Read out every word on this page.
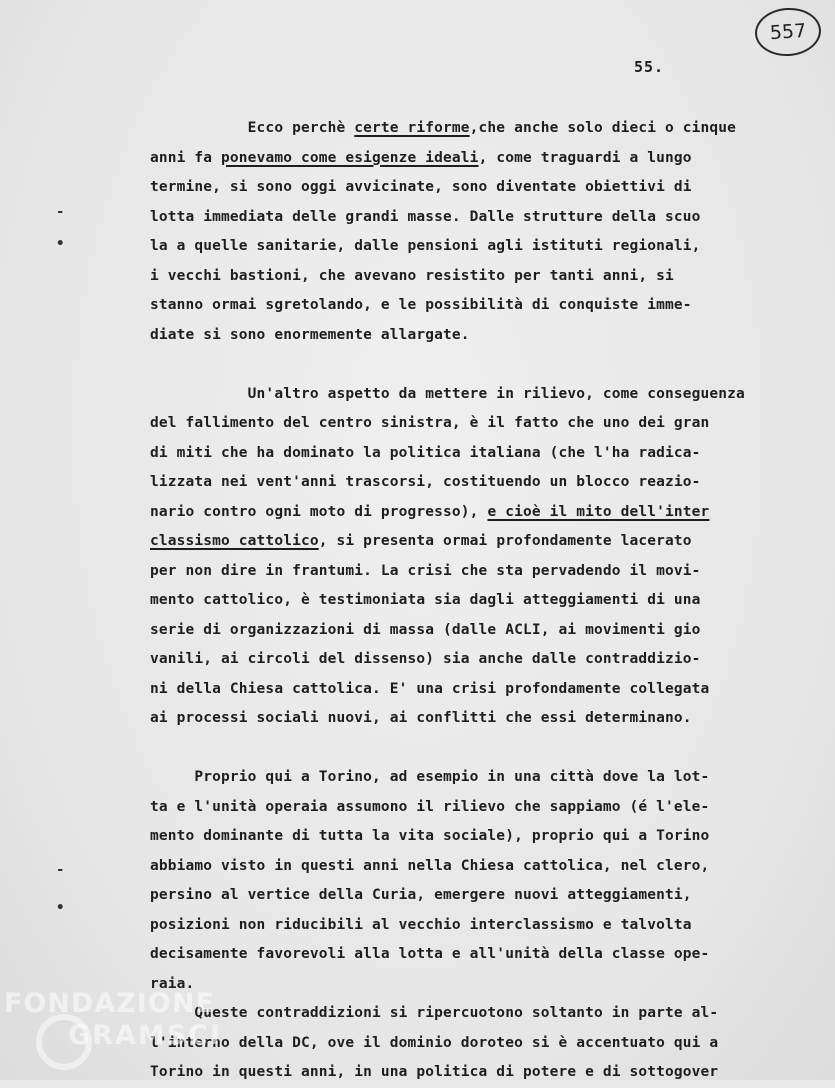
557
55.
-
•
-
•
Ecco perchè certe riforme,che anche solo dieci o cinque
anni fa ponevamo come esigenze ideali, come traguardi a lungo
termine, si sono oggi avvicinate, sono diventate obiettivi di
lotta immediata delle grandi masse. Dalle strutture della scuo
la a quelle sanitarie, dalle pensioni agli istituti regionali,
i vecchi bastioni, che avevano resistito per tanti anni, si
stanno ormai sgretolando, e le possibilità di conquiste imme-
diate si sono enormemente allargate.
Un'altro aspetto da mettere in rilievo, come conseguenza
del fallimento del centro sinistra, è il fatto che uno dei gran
di miti che ha dominato la politica italiana (che l'ha radica-
lizzata nei vent'anni trascorsi, costituendo un blocco reazio-
nario contro ogni moto di progresso), e cioè il mito dell'inter
classismo cattolico, si presenta ormai profondamente lacerato
per non dire in frantumi. La crisi che sta pervadendo il movi-
mento cattolico, è testimoniata sia dagli atteggiamenti di una
serie di organizzazioni di massa (dalle ACLI, ai movimenti gio
vanili, ai circoli del dissenso) sia anche dalle contraddizio-
ni della Chiesa cattolica. E' una crisi profondamente collegata
ai processi sociali nuovi, ai conflitti che essi determinano.
Proprio qui a Torino, ad esempio in una città dove la lot-
ta e l'unità operaia assumono il rilievo che sappiamo (é l'ele-
mento dominante di tutta la vita sociale), proprio qui a Torino
abbiamo visto in questi anni nella Chiesa cattolica, nel clero,
persino al vertice della Curia, emergere nuovi atteggiamenti,
posizioni non riducibili al vecchio interclassismo e talvolta
decisamente favorevoli alla lotta e all'unità della classe ope-
raia.
Queste contraddizioni si ripercuotono soltanto in parte al-
l'interno della DC, ove il dominio doroteo si è accentuato qui a
Torino in questi anni, in una politica di potere e di sottogover
FONDAZIONE
GRAMSCI
